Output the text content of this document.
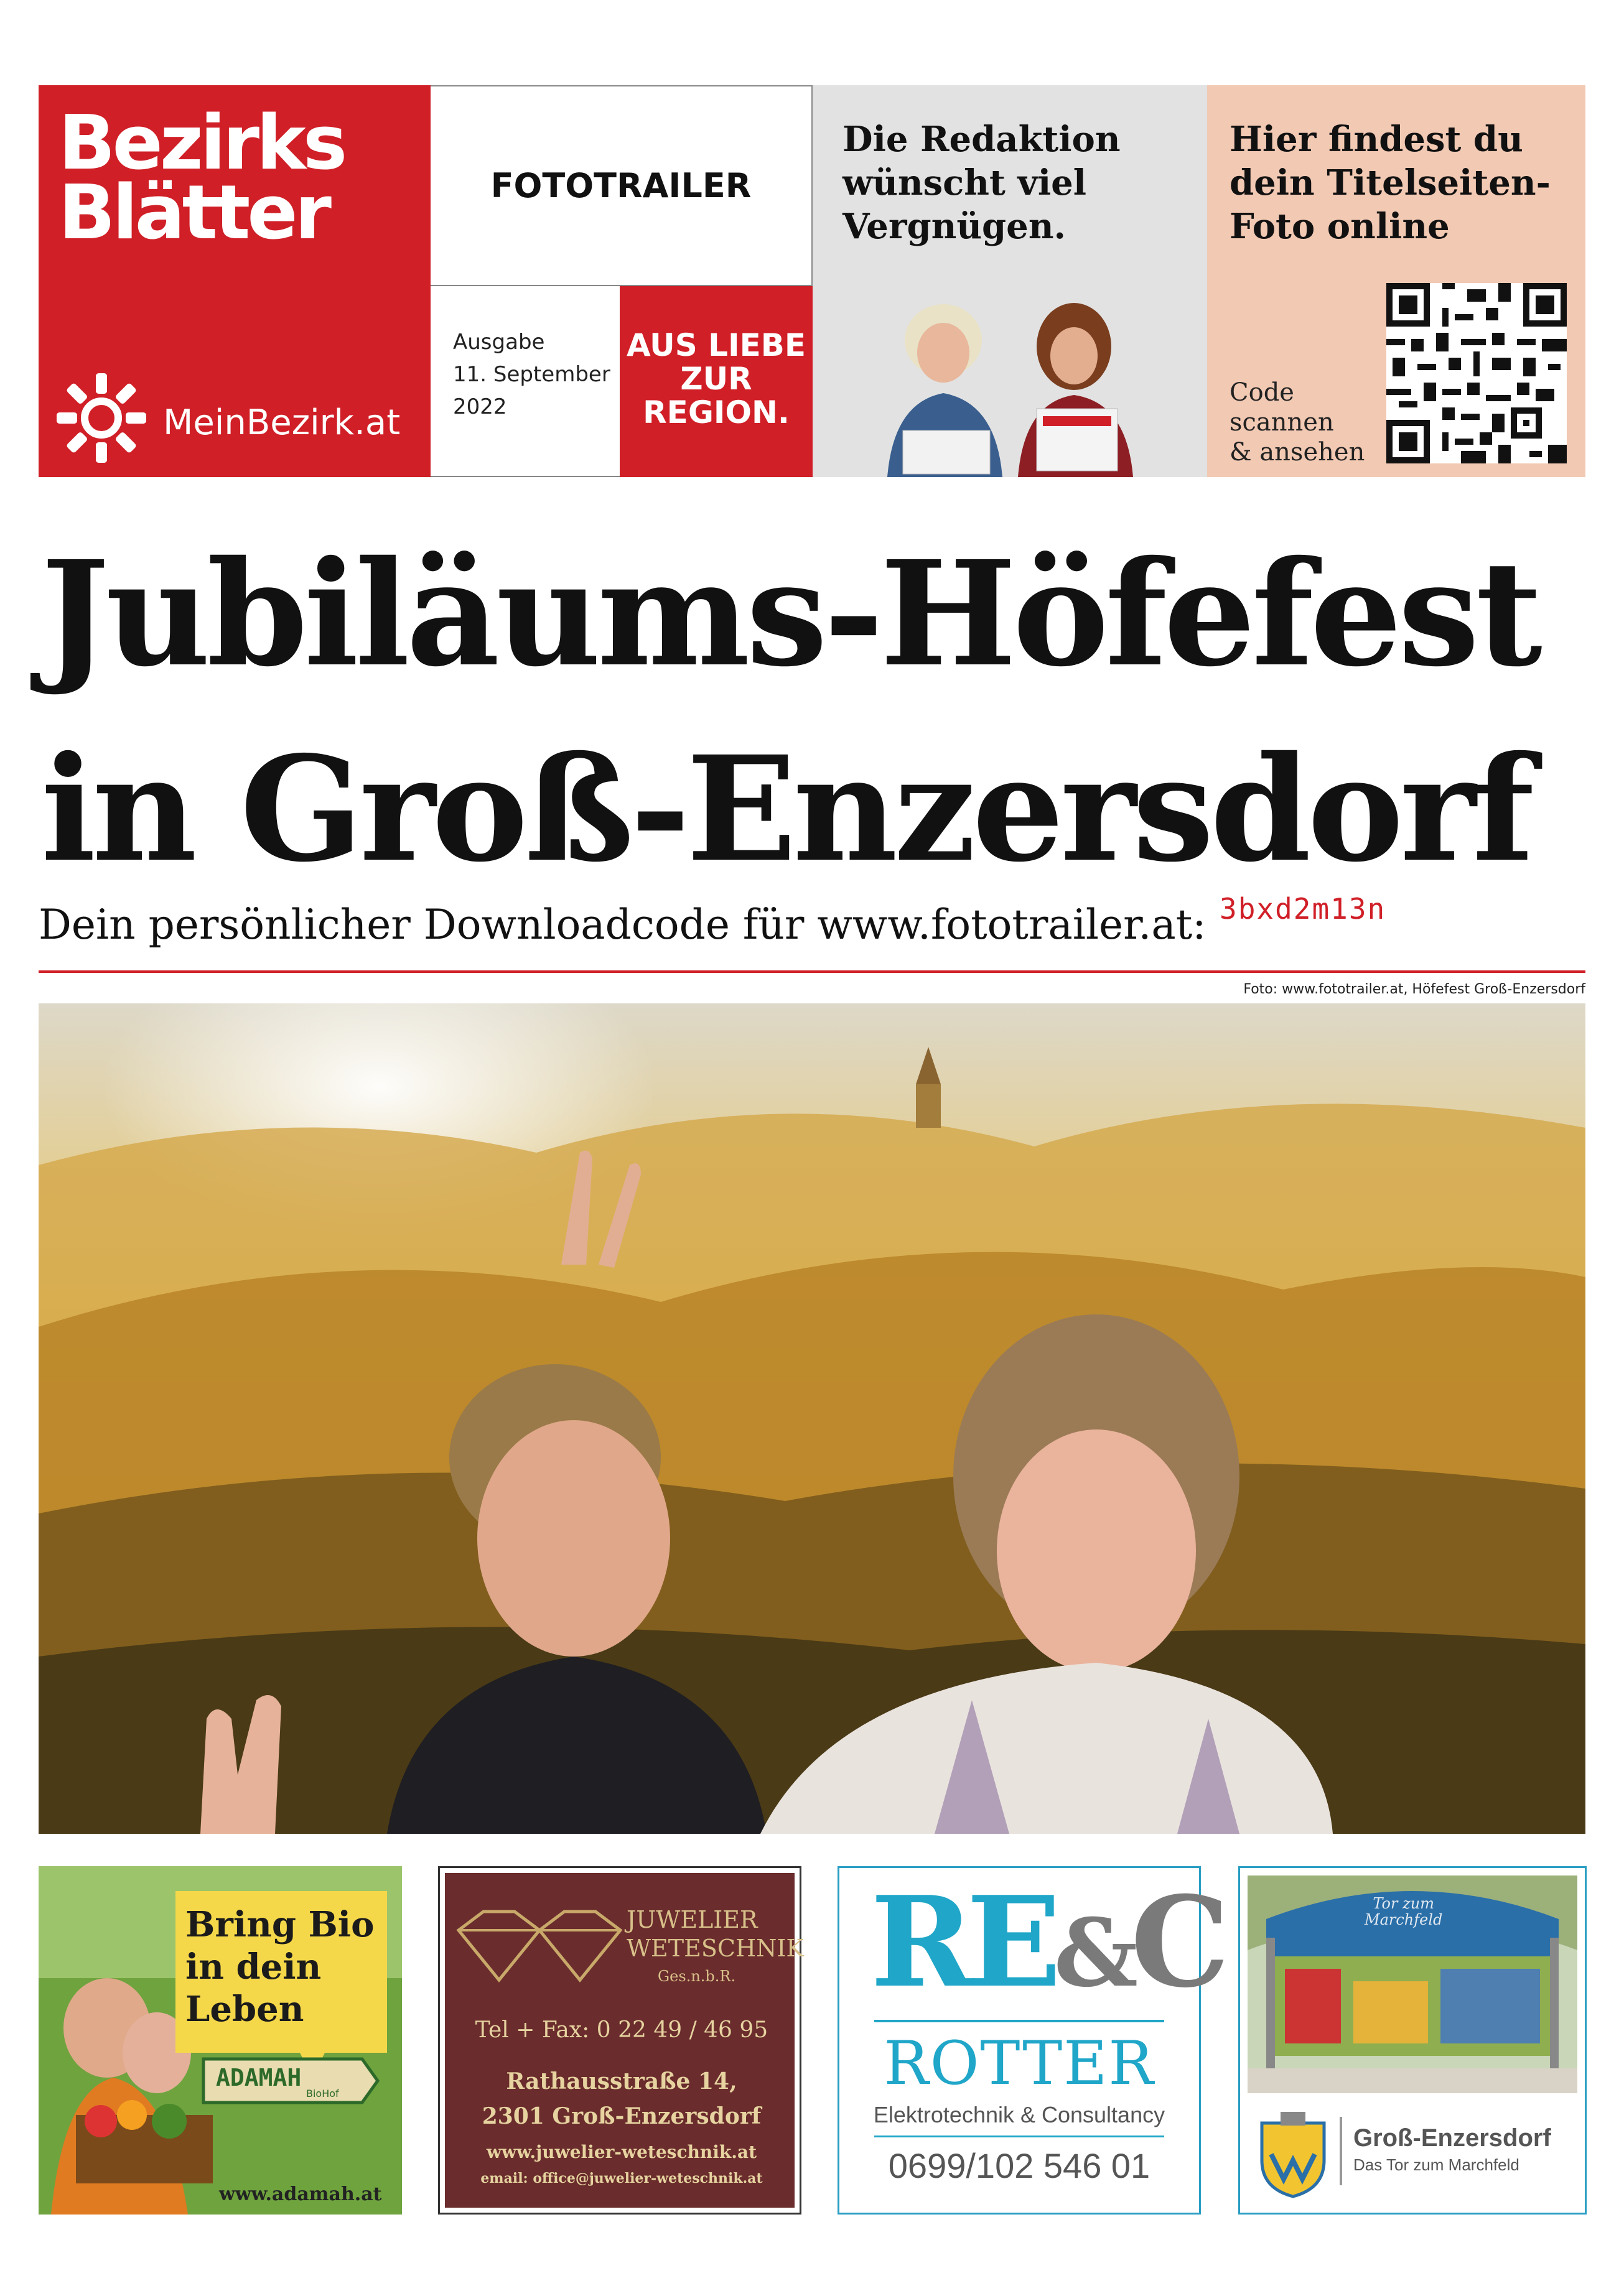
Bezirks
Blätter
MeinBezirk.at
FOTOTRAILER
Ausgabe
11. September
2022
AUS LIEBE
ZUR
REGION.
Die Redaktion
wünscht viel
Vergnügen.
Hier findest du
dein Titelseiten-
Foto online
Code
scannen
& ansehen
Jubiläums-Höfefest
in Groß-Enzersdorf
Dein persönlicher Downloadcode für www.fototrailer.at: 3bxd2m13n
Foto: www.fototrailer.at, Höfefest Groß-Enzersdorf
Bring Bio
in dein
Leben
ADAMAH
BioHof
www.adamah.at
JUWELIER
WETESCHNIK
Ges.n.b.R.
Tel + Fax: 0 22 49 / 46 95
Rathausstraße 14,
2301 Groß-Enzersdorf
www.juwelier-weteschnik.at
email: office@juwelier-weteschnik.at
RE&C
ROTTER
Elektrotechnik & Consultancy
0699/102 546 01
Tor zum
Marchfeld
Groß-Enzersdorf
Das Tor zum Marchfeld
